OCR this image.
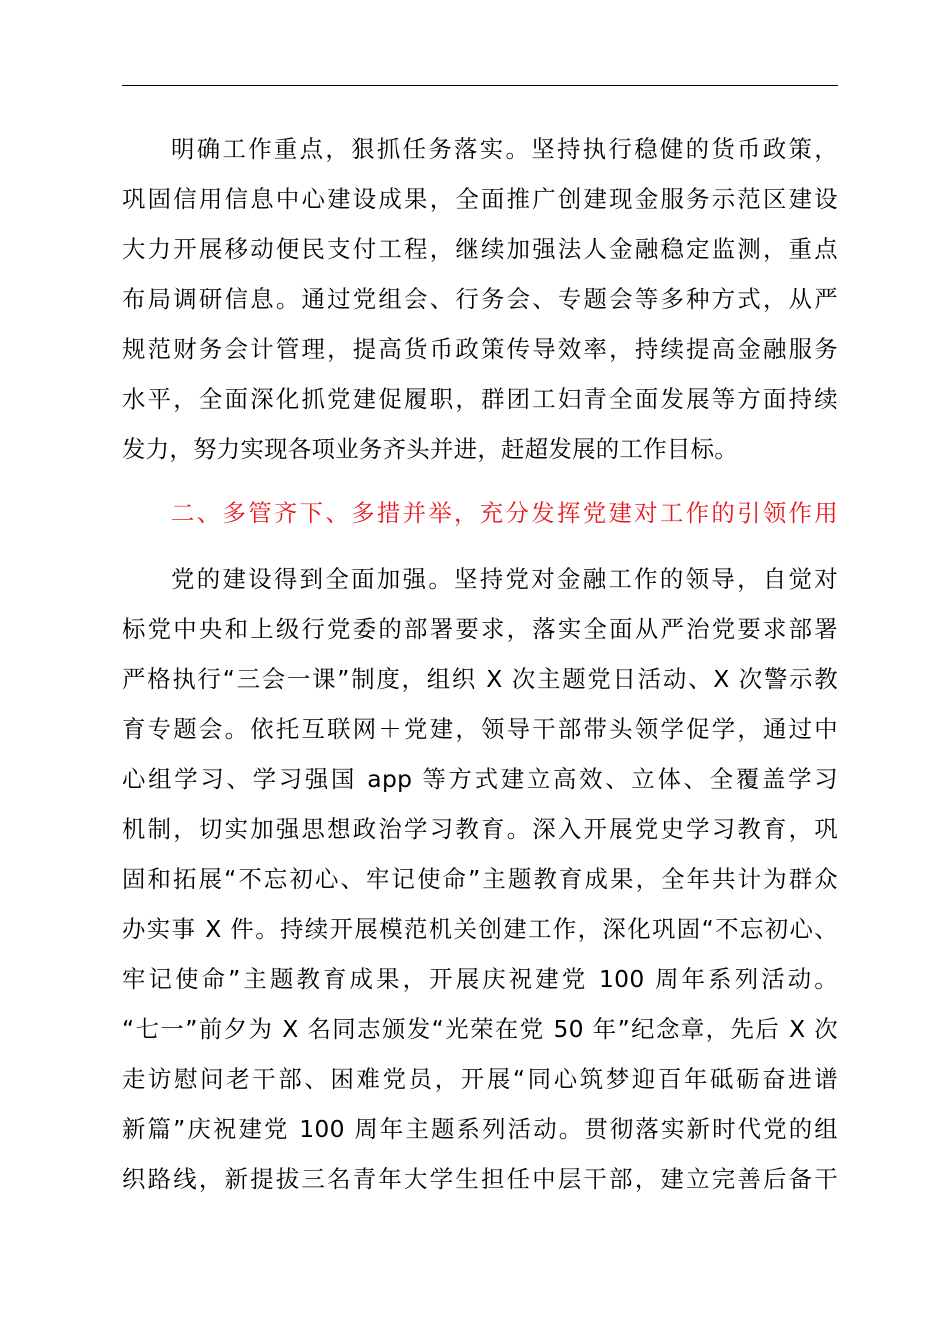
明确工作重点，狠抓任务落实。坚持执行稳健的货币政策，
巩固信用信息中心建设成果，全面推广创建现金服务示范区建设
大力开展移动便民支付工程，继续加强法人金融稳定监测，重点
布局调研信息。通过党组会、行务会、专题会等多种方式，从严
规范财务会计管理，提高货币政策传导效率，持续提高金融服务
水平，全面深化抓党建促履职，群团工妇青全面发展等方面持续
发力，努力实现各项业务齐头并进，赶超发展的工作目标。
二、多管齐下、多措并举，充分发挥党建对工作的引领作用
党的建设得到全面加强。坚持党对金融工作的领导，自觉对
标党中央和上级行党委的部署要求，落实全面从严治党要求部署
严格执行“三会一课”制度，组织 X 次主题党日活动、X 次警示教
育专题会。依托互联网＋党建，领导干部带头领学促学，通过中
心组学习、学习强国 app 等方式建立高效、立体、全覆盖学习
机制，切实加强思想政治学习教育。深入开展党史学习教育，巩
固和拓展“不忘初心、牢记使命”主题教育成果，全年共计为群众
办实事 X 件。持续开展模范机关创建工作，深化巩固“不忘初心、
牢记使命”主题教育成果，开展庆祝建党 100 周年系列活动。
“七一”前夕为 X 名同志颁发“光荣在党 50 年”纪念章，先后 X 次
走访慰问老干部、困难党员，开展“同心筑梦迎百年砥砺奋进谱
新篇”庆祝建党 100 周年主题系列活动。贯彻落实新时代党的组
织路线，新提拔三名青年大学生担任中层干部，建立完善后备干
